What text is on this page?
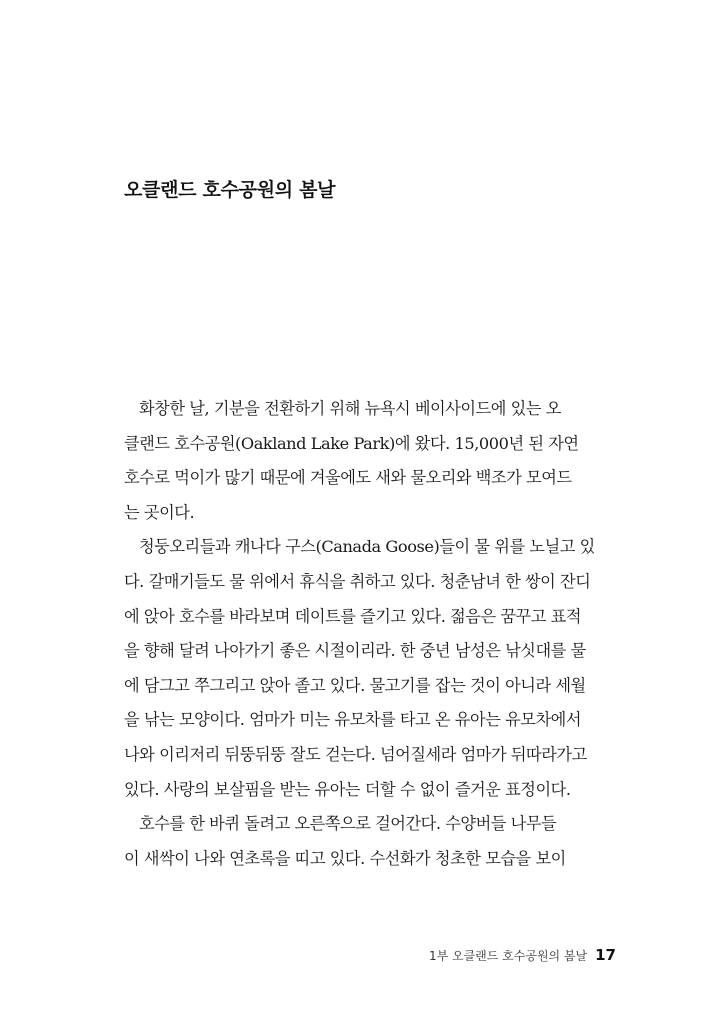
오클랜드 호수공원의 봄날
화창한 날, 기분을 전환하기 위해 뉴욕시 베이사이드에 있는 오
클랜드 호수공원(Oakland Lake Park)에 왔다. 15,000년 된 자연
호수로 먹이가 많기 때문에 겨울에도 새와 물오리와 백조가 모여드
는 곳이다.
청둥오리들과 캐나다 구스(Canada Goose)들이 물 위를 노닐고 있
다. 갈매기들도 물 위에서 휴식을 취하고 있다. 청춘남녀 한 쌍이 잔디
에 앉아 호수를 바라보며 데이트를 즐기고 있다. 젊음은 꿈꾸고 표적
을 향해 달려 나아가기 좋은 시절이리라. 한 중년 남성은 낚싯대를 물
에 담그고 쭈그리고 앉아 졸고 있다. 물고기를 잡는 것이 아니라 세월
을 낚는 모양이다. 엄마가 미는 유모차를 타고 온 유아는 유모차에서
나와 이리저리 뒤뚱뒤뚱 잘도 걷는다. 넘어질세라 엄마가 뒤따라가고
있다. 사랑의 보살핌을 받는 유아는 더할 수 없이 즐거운 표정이다.
호수를 한 바퀴 돌려고 오른쪽으로 걸어간다. 수양버들 나무들
이 새싹이 나와 연초록을 띠고 있다. 수선화가 청초한 모습을 보이
1부 오클랜드 호수공원의 봄날 17
